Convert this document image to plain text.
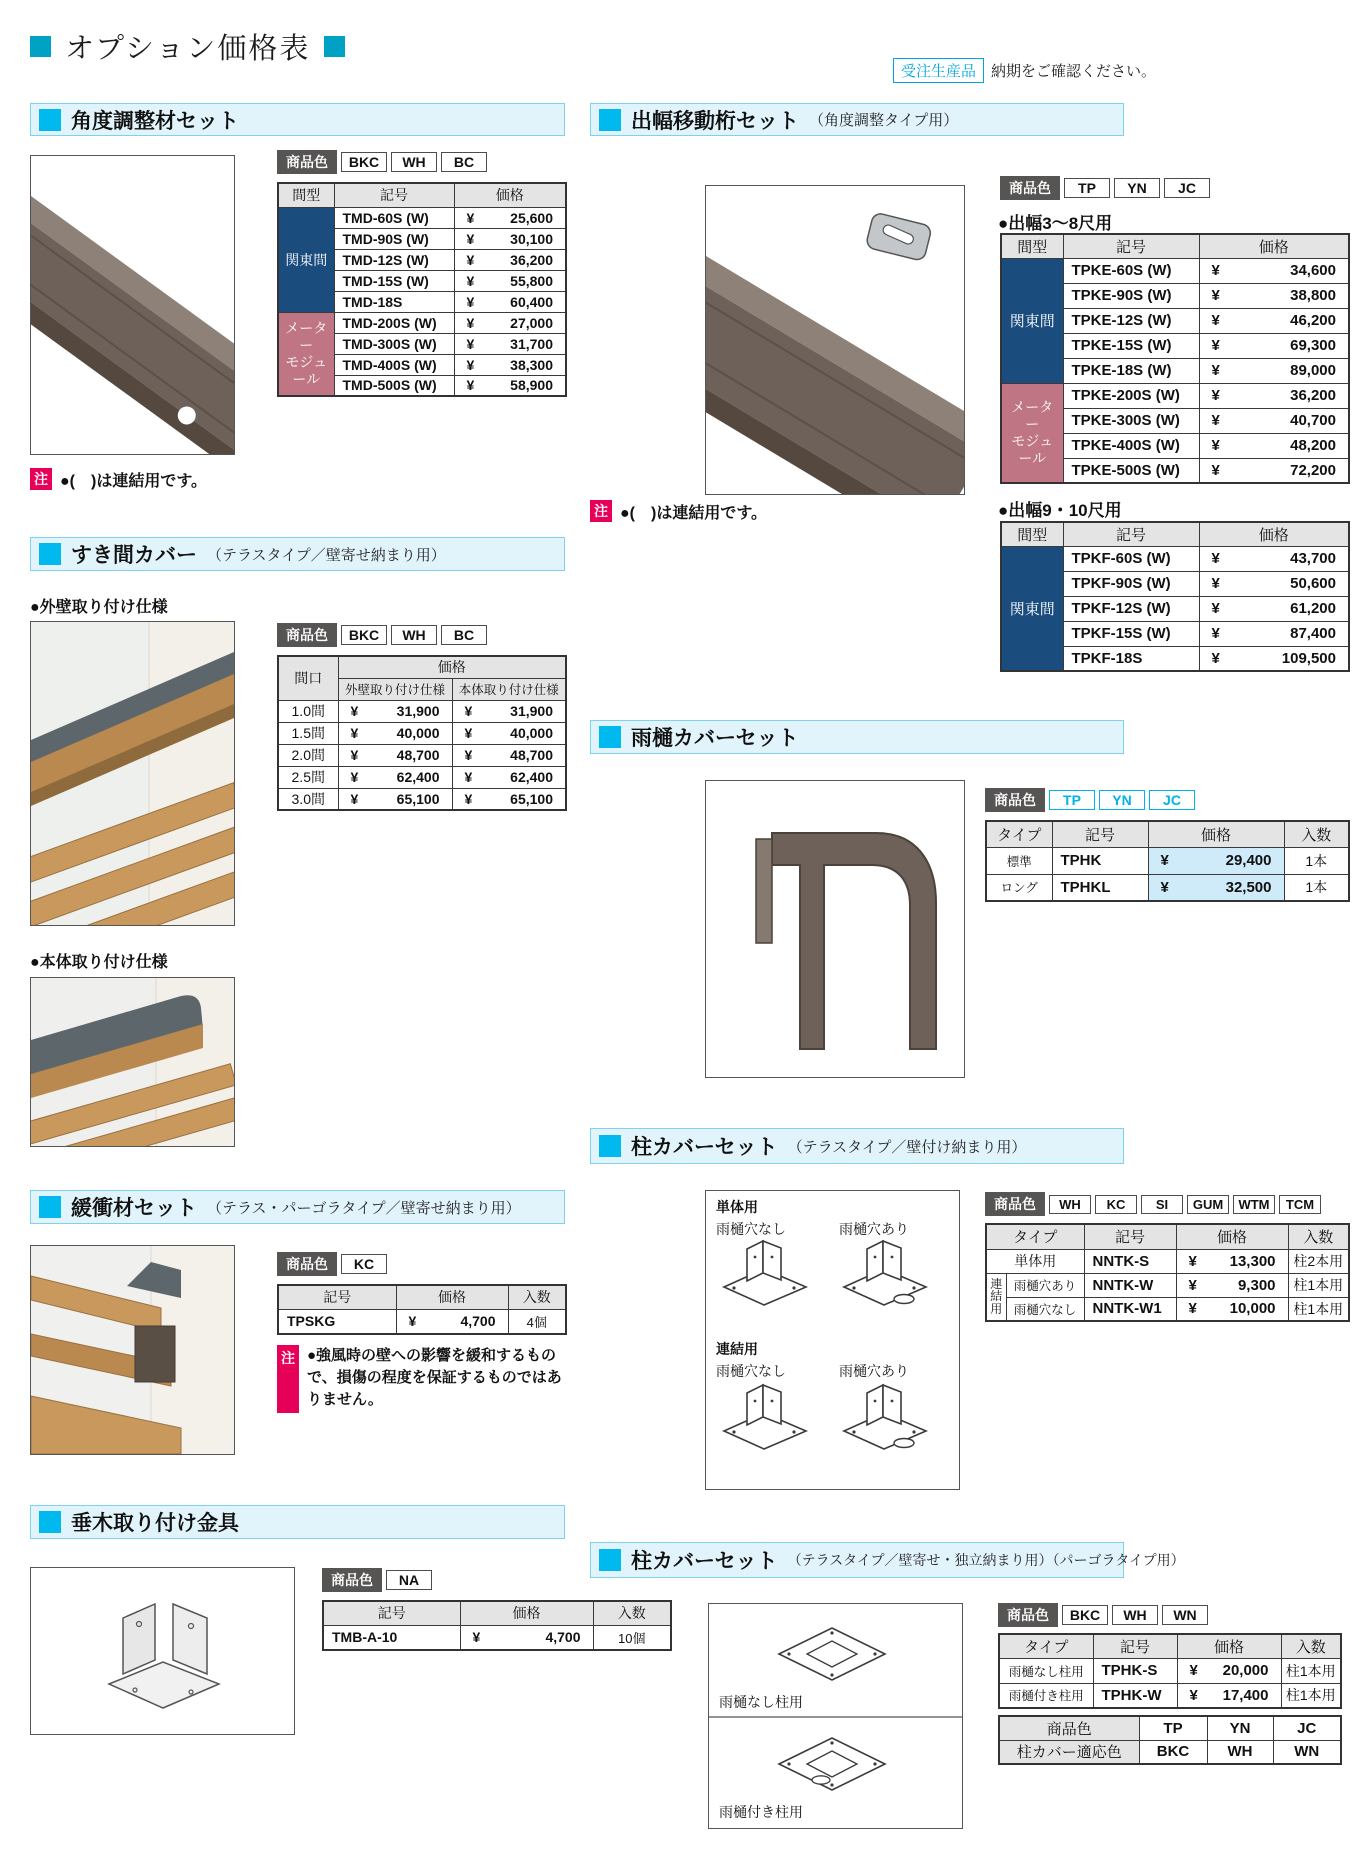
オプション価格表
受注生産品	納期をご確認ください。
角度調整材セット
商品色	BKC	WH	BC
間型	記号	価格
関東間	TMD-60S (W)	¥ 25,600

	TMD-90S (W)	¥ 30,100

	TMD-12S (W)	¥ 36,200

	TMD-15S (W)	¥ 55,800

	TMD-18S	¥ 60,400

メーター
モジュール	TMD-200S (W)	¥ 27,000

	TMD-300S (W)	¥ 31,700

	TMD-400S (W)	¥ 38,300

	TMD-500S (W)	¥ 58,900
注 ●(　)は連結用です。
出幅移動桁セット （角度調整タイプ用）
注 ●(　)は連結用です。
商品色	TP	YN	JC
●出幅3〜8尺用
間型	記号	価格
関東間	TPKE-60S (W)	¥ 34,600

	TPKE-90S (W)	¥ 38,800

	TPKE-12S (W)	¥ 46,200

	TPKE-15S (W)	¥ 69,300

	TPKE-18S (W)	¥ 89,000

メーター
モジュール	TPKE-200S (W)	¥ 36,200

	TPKE-300S (W)	¥ 40,700

	TPKE-400S (W)	¥ 48,200

	TPKE-500S (W)	¥ 72,200
●出幅9・10尺用
間型	記号	価格
関東間	TPKF-60S (W)	¥ 43,700

	TPKF-90S (W)	¥ 50,600

	TPKF-12S (W)	¥ 61,200

	TPKF-15S (W)	¥ 87,400

	TPKF-18S	¥ 109,500
すき間カバー （テラスタイプ／壁寄せ納まり用）
●外壁取り付け仕様
商品色	BKC	WH	BC
間口	価格	
	外壁取り付け仕様	本体取り付け仕様
1.0間	¥ 31,900	¥ 31,900

1.5間	¥ 40,000	¥ 40,000

2.0間	¥ 48,700	¥ 48,700

2.5間	¥ 62,400	¥ 62,400

3.0間	¥ 65,100	¥ 65,100
●本体取り付け仕様
雨樋カバーセット
商品色	TP	YN	JC
タイプ	記号	価格	入数
標準	TPHK	¥ 29,400	1本
ロング	TPHKL	¥ 32,500	1本
緩衝材セット （テラス・パーゴラタイプ／壁寄せ納まり用）
商品色	KC
記号	価格	入数
TPSKG	¥ 4,700	4個
注 ●強風時の壁への影響を緩和するもので、損傷の程度を保証するものではありません。
柱カバーセット （テラスタイプ／壁付け納まり用）
単体用
雨樋穴なし	雨樋穴あり
連結用
雨樋穴なし	雨樋穴あり
商品色	WH	KC	SI	GUM	WTM	TCM
タイプ		記号	価格	入数
単体用		NNTK-S	¥ 13,300	柱2本用
連結用	雨樋穴あり	NNTK-W	¥ 9,300	柱1本用
	雨樋穴なし	NNTK-W1	¥ 10,000	柱1本用
垂木取り付け金具
商品色	NA
記号	価格	入数
TMB-A-10	¥ 4,700	10個
柱カバーセット （テラスタイプ／壁寄せ・独立納まり用）（パーゴラタイプ用）
雨樋なし柱用
雨樋付き柱用
商品色	BKC	WH	WN
タイプ	記号	価格	入数
雨樋なし柱用	TPHK-S	¥ 20,000	柱1本用
雨樋付き柱用	TPHK-W	¥ 17,400	柱1本用
商品色	TP	YN	JC
柱カバー適応色	BKC	WH	WN
